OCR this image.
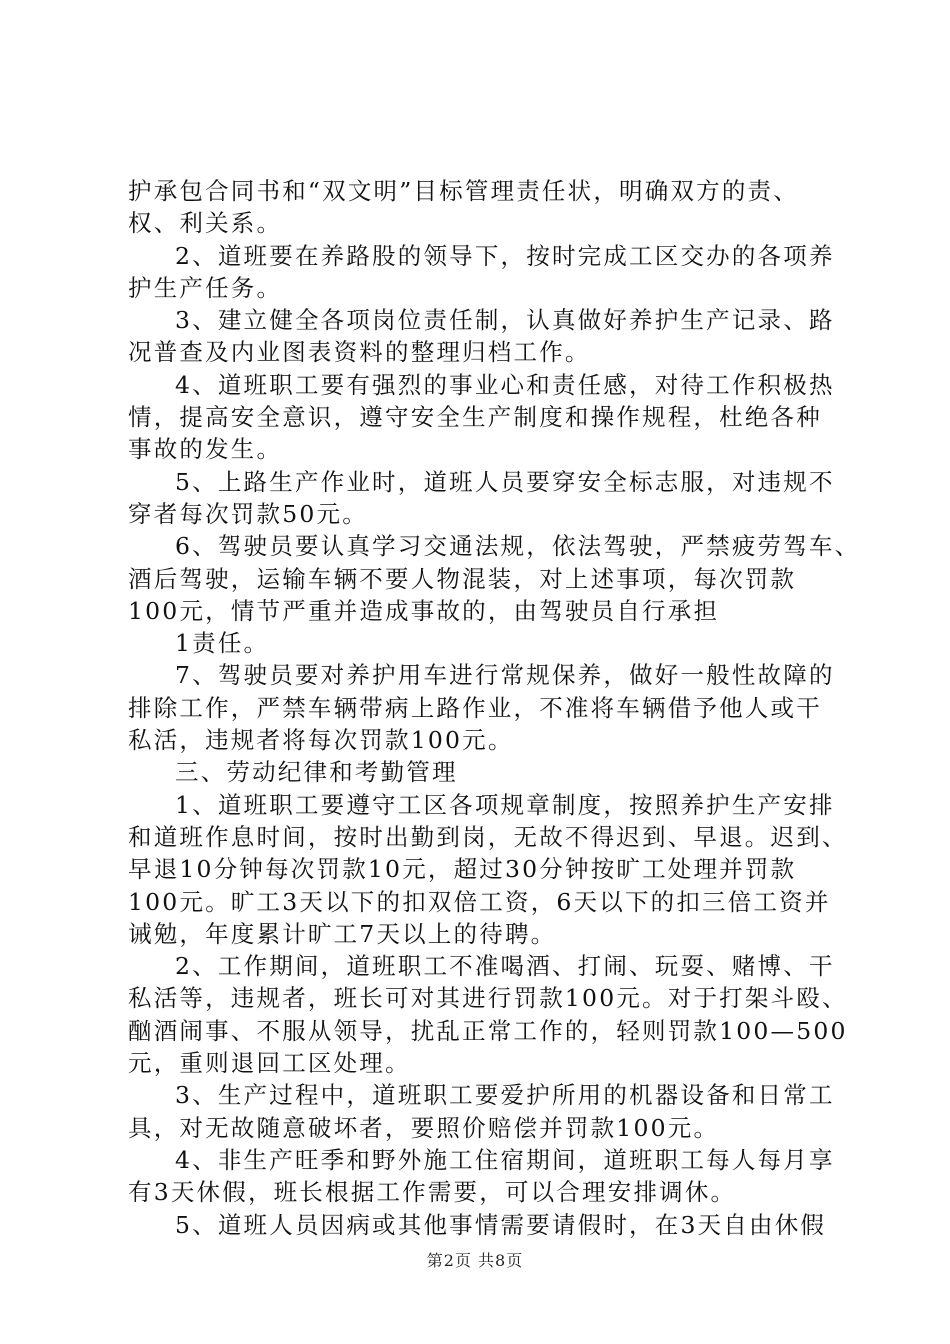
护承包合同书和“双文明”目标管理责任状，明确双方的责、
权、利关系。
2、道班要在养路股的领导下，按时完成工区交办的各项养
护生产任务。
3、建立健全各项岗位责任制，认真做好养护生产记录、路
况普查及内业图表资料的整理归档工作。
4、道班职工要有强烈的事业心和责任感，对待工作积极热
情，提高安全意识，遵守安全生产制度和操作规程，杜绝各种
事故的发生。
5、上路生产作业时，道班人员要穿安全标志服，对违规不
穿者每次罚款50元。
6、驾驶员要认真学习交通法规，依法驾驶，严禁疲劳驾车、
酒后驾驶，运输车辆不要人物混装，对上述事项，每次罚款
100元，情节严重并造成事故的，由驾驶员自行承担
1责任。
7、驾驶员要对养护用车进行常规保养，做好一般性故障的
排除工作，严禁车辆带病上路作业，不准将车辆借予他人或干
私活，违规者将每次罚款100元。
三、劳动纪律和考勤管理
1、道班职工要遵守工区各项规章制度，按照养护生产安排
和道班作息时间，按时出勤到岗，无故不得迟到、早退。迟到、
早退10分钟每次罚款10元，超过30分钟按旷工处理并罚款
100元。旷工3天以下的扣双倍工资，6天以下的扣三倍工资并
诫勉，年度累计旷工7天以上的待聘。
2、工作期间，道班职工不准喝酒、打闹、玩耍、赌博、干
私活等，违规者，班长可对其进行罚款100元。对于打架斗殴、
酗酒闹事、不服从领导，扰乱正常工作的，轻则罚款100—500
元，重则退回工区处理。
3、生产过程中，道班职工要爱护所用的机器设备和日常工
具，对无故随意破坏者，要照价赔偿并罚款100元。
4、非生产旺季和野外施工住宿期间，道班职工每人每月享
有3天休假，班长根据工作需要，可以合理安排调休。
5、道班人员因病或其他事情需要请假时，在3天自由休假
第2页 共8页
